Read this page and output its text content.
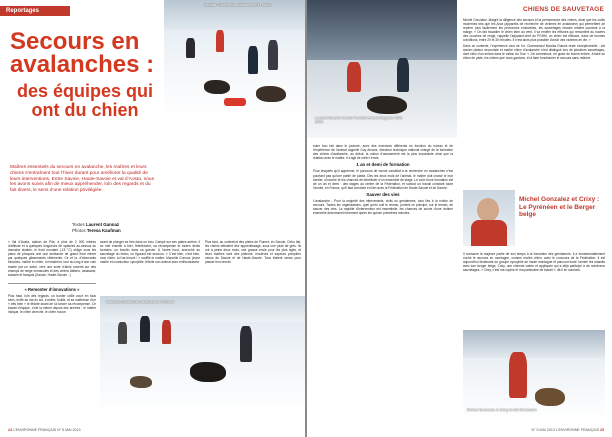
Reportages
Secours en avalanches :
des équipes qui ont du chien

Maîtres essentiels du secours en avalanche, les maîtres et leurs chiens s’entraînent tout l’hiver durant pour améliorer la qualité de leurs interventions. Entre Savoie, Haute-Savoie et val d’Aosta, nous les avons suivis afin de mieux appréhender, loin des regards et du fait divers, le sens d’une relation privilégiée.

Textes Laurent Gannaz
Photos Teresa Kaufman
Sandra Vuillermoz entraînement Flumet
Marcelle Desmoris entraînement Flumet

« Val d’Aosta, station de Pila, à plus de 2 000 mètres d’altitude et à quelques longueurs de spatules au-dessus du domaine skiable, le froid mordant (-15 °C) oblige sous les piaux de phoques une une ambiance de grand froid même par quelques glissements vêtements. Ce et la, d’étonnants binômes, maître et chien, s’entraînent, tour au long d’une voie tracée par un salvé, vers une sorte d’abris ouverts sur des champs de neige immaculés et des chiens italiens, valaisans, suisses et français (Savoie, Haute-Savoie...)

« Remonter d’innovations »

Plus haut, loin des regards, un border collie court en tous sens, truffe au ras du sol, s’arrête, fouille, et sa maîtresse d’un « très bien » le félicite avant de lui lancer sa récompense. Ce travail d’équipe, c’est la même depuis des années : le maître indique, le chien cherche, le chien trouve.

avant de plonger se très dans un trou. Campé sur ses pattes arrière, il se met ensuite à tirer, fébrilement, sa récompense et toutes dents formées, un boudin dans sa gueule. À l’autre bout, accroché au sauvetage du bidon, un figurant est secouru. « C’est bien, c’est bien, mon chien, tu t’as trouvé ! » souffle le maître. Marcelle Connoz, jeune maître et conducteur cynophile, félicite son animal avec enthousiasme.

Plus tard, au contrefort des pistes de Flumet, en Savoie, Cebo fait, les chiens débutent leur apprentissage, sous une pluie de grés. Ils ont à peine deux mois, une grosse envie pour les plus âgés, et leurs maîtres sont des pisteurs, mouleurs et sapeurs pompiers venus de Savoie et de Haute-Savoie. Tous étaient venus pour passer leur brevet.

24 L’ENVIRONNE FRANÇAIS N° 5 MAI 2013
CHIENS DE SAUVETAGE
Laurent Guerin durant l’entraînement Maglane Cille 2008

euler bon fait dans le journée, avec des exercices différents en fonction du niveau et de l’expérience de l’animal rappelle Guy Arnaux, directeur technique national chargé de la formation des chiens d’avalanche, au début, la notion d’amusement est la plus importante ainsi que la relation avec le maître. Il s’agit de créer l’envie.

1 an et demi de formation

Pour lesquels qu’il apprenne, le parcours de bonne candidat à la recherche en avalanches n’est pourtant pas qu’une partie de plaisir. Dès les deux mois de l’animal, le maître doit choisir le bon sentier, s’inscrire et les chances de bénéficier d’un ensemble de stage. Le coût d’une formation est de un an et demi : des stages au centre de la Fédération, et surtout un travail constant toute l’année, en France, qu’il faut conduire en lien avec la Fédération de Haute-Savoie et de Savoie.

Sauver des vies

L’avalanche... Pour la majorité des intervenants, civils ou gendarmes, tous liés à la notion de secours. Toutes les organisations, quel qu’en soit le niveau, portent ce principe, sur le terrain, de sauver des vies. La rapidité d’intervention est essentielle, les chances de survie d’une victime ensevelie décroissent fortement après les quinze premières minutes.

Michel Gonzalez. Malgré la diligence des secours et la performance des chiens, ainsi que les outils modernes tels que les Arva (appareils de recherche de victimes en avalanche) qui permettent de repérer plus facilement les personnes ensevelies, les sauvetages réussis restent pourtant à la marge. « On fait travailler le chien faire au vent, il va renifler les effluves qui remontent au travers des couches de neige, rappelle l’adjudant-chef du PGHM, un chien est efficace, dans de bonnes conditions, entre 20 et 30 minutes. Il n’est alors plus possible d’avoir des victimes en vie. »

Dans ce contexte, l’expérience vaut de l’or. Chamoniard Nicolas Dubois reste exceptionnelle : cet ancien pisteur secouriste et maître chien d’avalanche s’est distingué lors de plusieurs sauvetages, dont celui d’un enfant dans le vallon du Tour. « J’ai commencé, en guise de bonne entrée, à faire du chien de piste, les chiens que nous gardons, et à faire fonctionner le secours sans relâche.

Michel Gonzalez et Crixy : Le Pyrénéen et le Berger belge

Il consacre la majeure partie de son temps à la formation des gendarmes. Il a fondamentalement coché le secours en montagne, comme maître chien, avec le concours de la Fédération. Il est aujourd’hui lieutenant du groupe cynophile de haute montagne et parcourt toute l’année les massifs avec son berger belge, Crixy, une chienne calme et appliquée qui a déjà participé à de nombreux sauvetages. « Crixy, c’est ma copine et ma partenaire de travail », dit-il en souriant.

Michel Gonzalez & Crixy la G2 Chamonix
N° 5 MAI 2013 L’ENVIRONNE FRANÇAIS 25
